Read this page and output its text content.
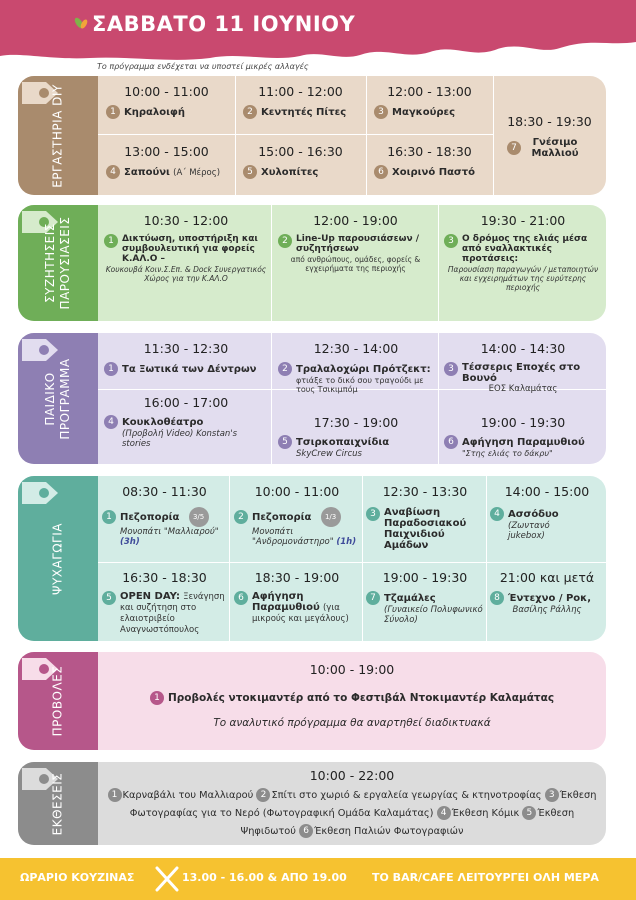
ΣΑΒΒΑΤΟ 11 ΙΟΥΝΙΟΥ
Το πρόγραμμα ενδέχεται να υποστεί μικρές αλλαγές
ΕΡΓΑΣΤΗΡΙΑ DIY	10:00 - 11:00
1 Κηραλοιφή
11:00 - 12:00
2 Κεντητές Πίτες
12:00 - 13:00
3 Μαγκούρες
13:00 - 15:00
4 Σαπούνι (Α΄ Μέρος)
15:00 - 16:30
5 Χυλοπίτες
16:30 - 18:30
6 Χοιρινό Παστό
18:30 - 19:30
7	Γνέσιμο Μαλλιού
ΣΥΖΗΤΗΣΕΙΣ ΠΑΡΟΥΣΙΑΣΕΙΣ	10:30 - 12:00
1 Δικτύωση, υποστήριξη και συμβουλευτική για φορείς Κ.ΑΛ.Ο –
Κουκουβά Κοιν.Σ.Επ. & Dock Συνεργατικός Χώρος για την Κ.ΑΛ.Ο
12:00 - 19:00
2 Line-Up παρουσιάσεων / συζητήσεων
από ανθρώπους, ομάδες, φορείς & εγχειρήματα της περιοχής
19:30 - 21:00
3 Ο δρόμος της ελιάς μέσα από εναλλακτικές προτάσεις:
Παρουσίαση παραγωγών / μεταποιητών και εγχειρημάτων της ευρύτερης περιοχής
ΠΑΙΔΙΚΟ ΠΡΟΓΡΑΜΜΑ
11:30 - 12:30
1 Τα Ξωτικά των Δέντρων
12:30 - 14:00
2 Τραλαλοχώρι Πρότζεκτ:
φτιάξε το δικό σου τραγούδι με τους Τσικιμπόμ
14:00 - 14:30
3 Τέσσερις Εποχές στο Βουνό
ΕΟΣ Καλαμάτας
16:00 - 17:00
4 Κουκλοθέατρο
(Προβολή Video) Konstan's stories
17:30 - 19:00
5 Τσιρκοπαιχνίδια
SkyCrew Circus
19:00 - 19:30
6 Αφήγηση Παραμυθιού
"Στης ελιάς το δάκρυ"
ΨΥΧΑΓΩΓΙΑ
08:30 - 11:30
1 Πεζοπορία 3/5
Μονοπάτι "Μαλλιαρού" (3h)
10:00 - 11:00
2 Πεζοπορία 1/3
Μονοπάτι "Ανδρομονάστηρο" (1h)
12:30 - 13:30
3 Αναβίωση Παραδοσιακού Παιχνιδιού Αμάδων
14:00 - 15:00
4 Ασσόδυο
(Ζωντανό jukebox)
16:30 - 18:30
5 OPEN DAY: Ξενάγηση και συζήτηση στο ελαιοτριβείο Αναγνωστόπουλος
18:30 - 19:00
6 Αφήγηση Παραμυθιού (για μικρούς και μεγάλους)
19:00 - 19:30
7 Τζαμάλες
(Γυναικείο Πολυφωνικό Σύνολο)
21:00 και μετά
8 Έντεχνο / Ροκ,
Βασίλης Ράλλης
ΠΡΟΒΟΛΕΣ	10:00 - 19:00
1 Προβολές ντοκιμαντέρ από το Φεστιβάλ Ντοκιμαντέρ Καλαμάτας
Το αναλυτικό πρόγραμμα θα αναρτηθεί διαδικτυακά
ΕΚΘΕΣΕΙΣ	10:00 - 22:00
1 Καρναβάλι του Μαλλιαρού 2 Σπίτι στο χωριό & εργαλεία γεωργίας & κτηνοτροφίας 3 Έκθεση Φωτογραφίας για το Νερό (Φωτογραφική Ομάδα Καλαμάτας) 4 Έκθεση Κόμικ 5 Έκθεση Ψηφιδωτού 6 Έκθεση Παλιών Φωτογραφιών
ΩΡΑΡΙΟ ΚΟΥΖΙΝΑΣ	13.00 - 16.00 & ΑΠΟ 19.00 ΤΟ BAR/CAFE ΛΕΙΤΟΥΡΓΕΙ ΟΛΗ ΜΕΡΑ
